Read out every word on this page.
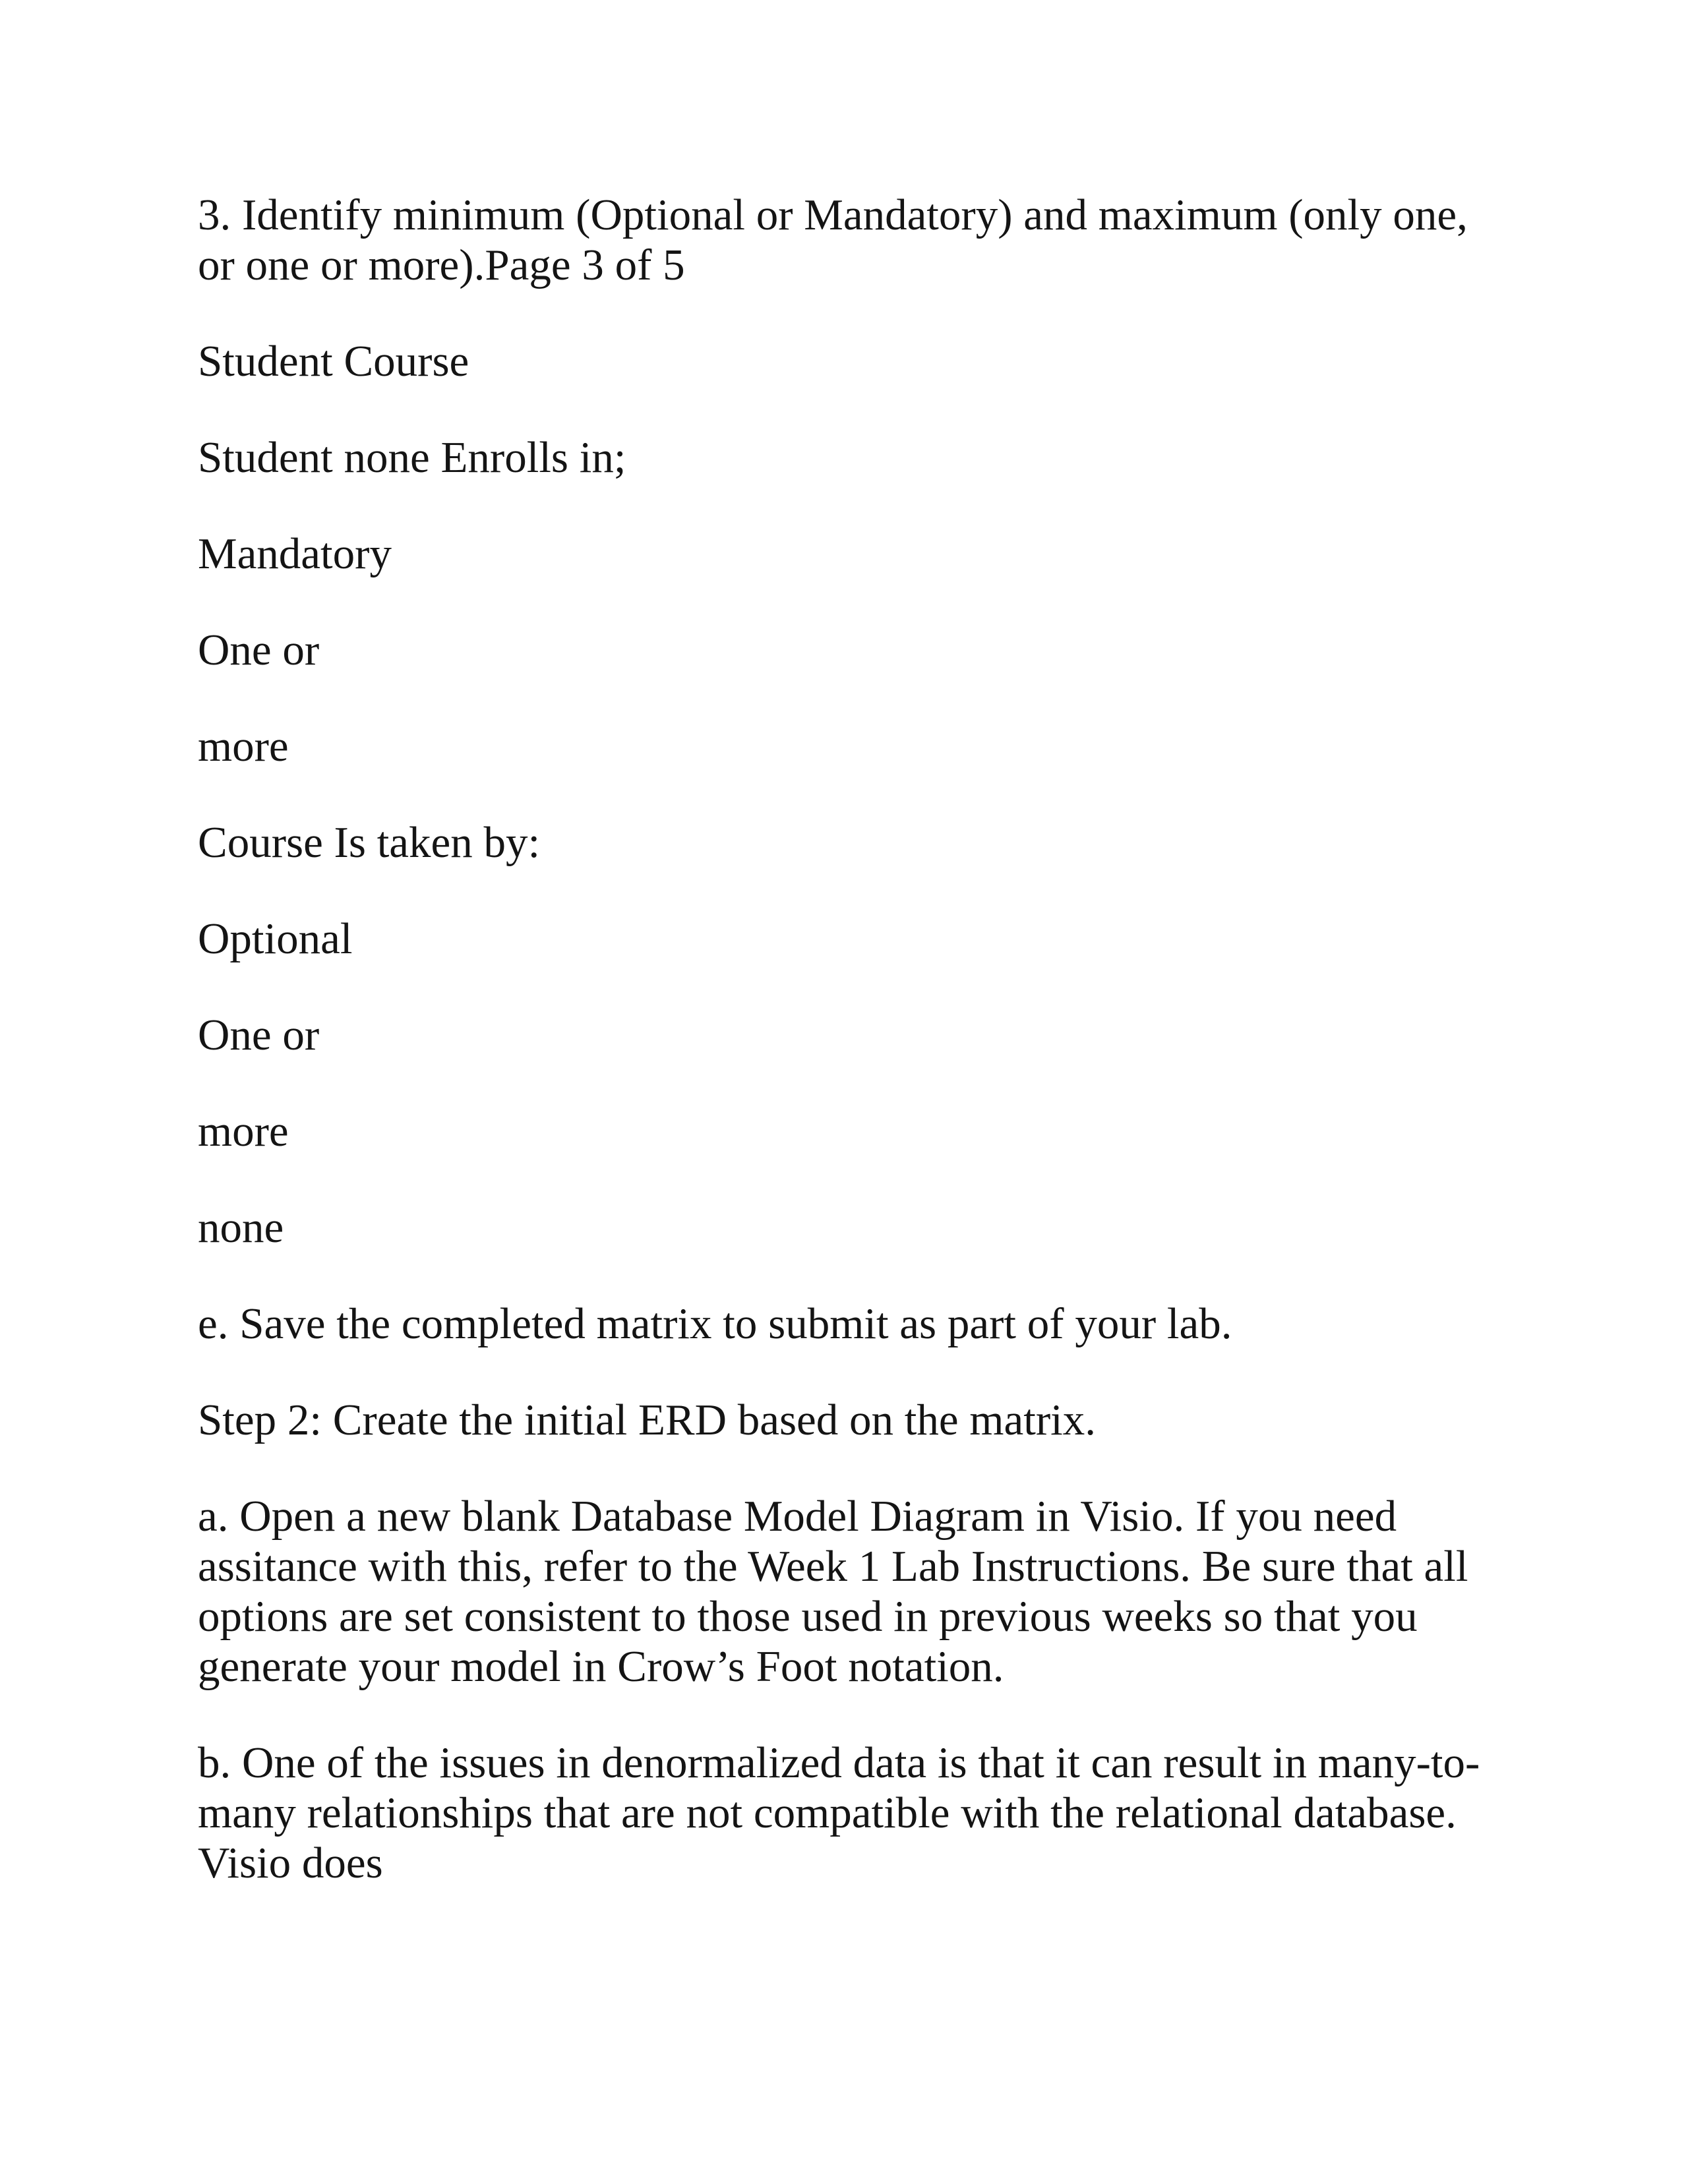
3. Identify minimum (Optional or Mandatory) and maximum (only one,
or one or more).Page 3 of 5

Student Course

Student none Enrolls in;

Mandatory

One or

more

Course Is taken by:

Optional

One or

more

none

e. Save the completed matrix to submit as part of your lab.

Step 2: Create the initial ERD based on the matrix.

a. Open a new blank Database Model Diagram in Visio. If you need
assitance with this, refer to the Week 1 Lab Instructions. Be sure that all
options are set consistent to those used in previous weeks so that you
generate your model in Crow’s Foot notation.

b. One of the issues in denormalized data is that it can result in many-to-
many relationships that are not compatible with the relational database.
Visio does
